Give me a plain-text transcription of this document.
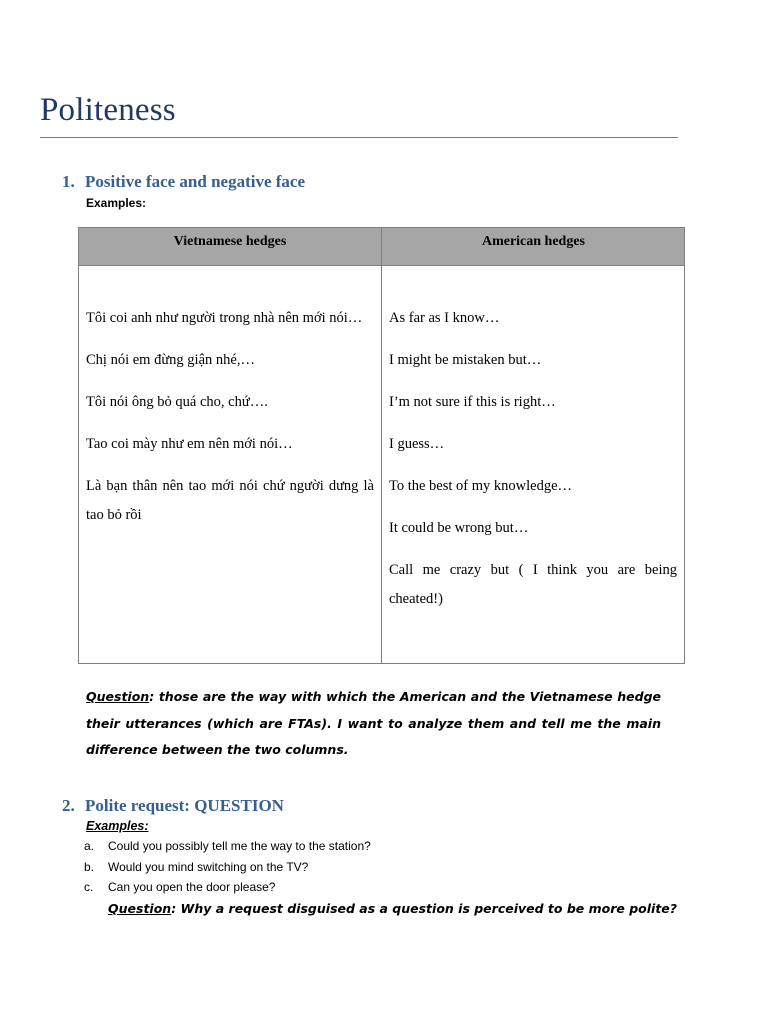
Politeness
1. Positive face and negative face
Examples:
Vietnamese hedges	American hedges

Tôi coi anh như người trong nhà nên mới nói…

Chị nói em đừng giận nhé,…

Tôi nói ông bỏ quá cho, chứ….

Tao coi mày như em nên mới nói…

Là bạn thân nên tao mới nói chứ người dưng là tao bỏ rồi

As far as I know…

I might be mistaken but…

I’m not sure if this is right…

I guess…

To the best of my knowledge…

It could be wrong but…

Call me crazy but ( I think you are being cheated!)

Question: those are the way with which the American and the Vietnamese hedge their utterances (which are FTAs). I want to analyze them and tell me the main difference between the two columns.
2. Polite request: QUESTION
Examples:
a. Could you possibly tell me the way to the station?
b. Would you mind switching on the TV?
c. Can you open the door please?
Question: Why a request disguised as a question is perceived to be more polite?
